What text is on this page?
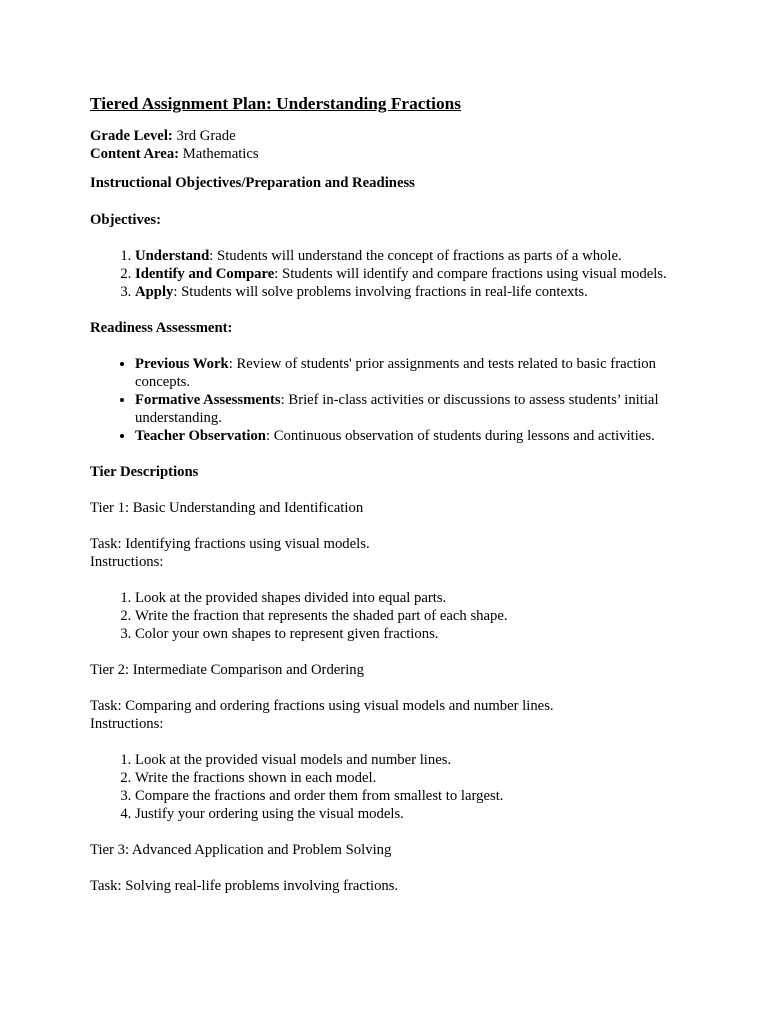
Tiered Assignment Plan: Understanding Fractions

Grade Level: 3rd Grade

Content Area: Mathematics

Instructional Objectives/Preparation and Readiness

Objectives:

1. Understand: Students will understand the concept of fractions as parts of a whole.
2. Identify and Compare: Students will identify and compare fractions using visual models.
3. Apply: Students will solve problems involving fractions in real-life contexts.

Readiness Assessment:

• Previous Work: Review of students' prior assignments and tests related to basic fraction concepts.
• Formative Assessments: Brief in-class activities or discussions to assess students’ initial understanding.
• Teacher Observation: Continuous observation of students during lessons and activities.

Tier Descriptions

Tier 1: Basic Understanding and Identification

Task: Identifying fractions using visual models.

Instructions:

1. Look at the provided shapes divided into equal parts.
2. Write the fraction that represents the shaded part of each shape.
3. Color your own shapes to represent given fractions.

Tier 2: Intermediate Comparison and Ordering

Task: Comparing and ordering fractions using visual models and number lines.

Instructions:

1. Look at the provided visual models and number lines.
2. Write the fractions shown in each model.
3. Compare the fractions and order them from smallest to largest.
4. Justify your ordering using the visual models.

Tier 3: Advanced Application and Problem Solving

Task: Solving real-life problems involving fractions.
